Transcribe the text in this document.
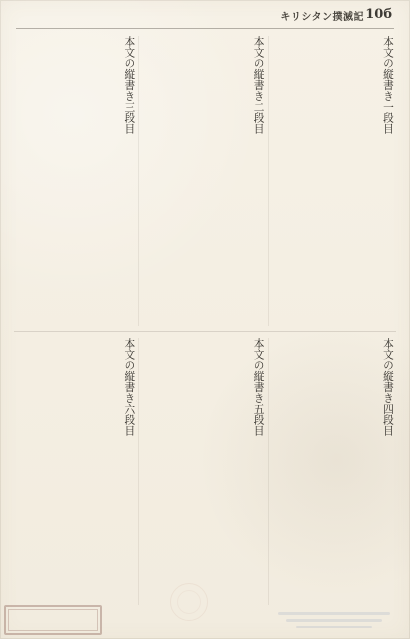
キリシタン撲滅記 10б
本文の縦書き三段目	本文の縦書き二段目	本文の縦書き一段目
本文の縦書き六段目	本文の縦書き五段目	本文の縦書き四段目
